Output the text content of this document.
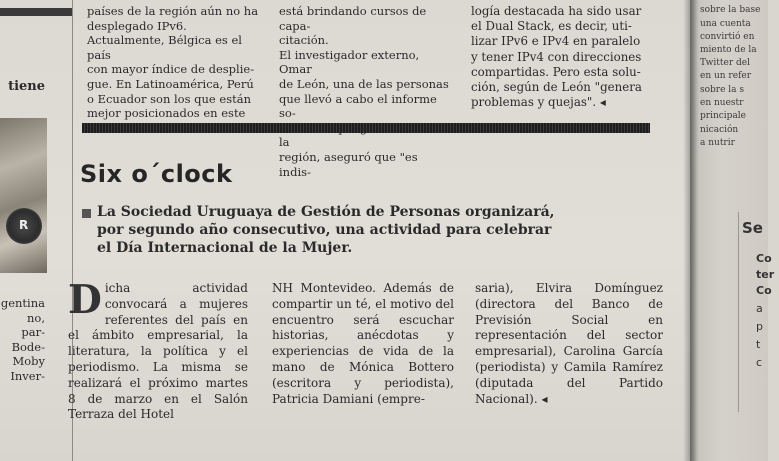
tiene
R
gentina
no, par-
Bode-
Moby
Inver-
países de la región aún no ha
desplegado IPv6.
Actualmente, Bélgica es el país
con mayor índice de desplie-
gue. En Latinoamérica, Perú
o Ecuador son los que están
mejor posicionados en este
está brindando cursos de capa-
citación.
El investigador externo, Omar
de León, una de las personas
que llevó a cabo el informe so-
la
región, aseguró que "es indis-
logía destacada ha sido usar
el Dual Stack, es decir, uti-
lizar IPv6 e IPv4 en paralelo
y tener IPv4 con direcciones
compartidas. Pero esta solu-
ción, según de León "genera
problemas y quejas". ◂
Six o´clock
La Sociedad Uruguaya de Gestión de Personas organizará, por segundo año consecutivo, una actividad para celebrar el Día Internacional de la Mujer.

Dicha actividad convocará a mujeres referentes del país en el ámbito empresarial, la literatura, la política y el periodismo. La misma se realizará el próximo martes 8 de marzo en el Salón Terraza del Hotel

NH Montevideo. Además de compartir un té, el motivo del encuentro será escuchar historias, anécdotas y experiencias de vida de la mano de Mónica Bottero (escritora y periodista), Patricia Damiani (empre-

saria), Elvira Domínguez (directora del Banco de Previsión Social en representación del sector empresarial), Carolina García (periodista) y Camila Ramírez (diputada del Partido Nacional). ◂

sobre la base
una cuenta
convirtió en
miento de la
Twitter del
en un refer
sobre la s
en nuestr
principale
nicación
a nutrir
Se
Co
ter
Co
a
p
t
c
